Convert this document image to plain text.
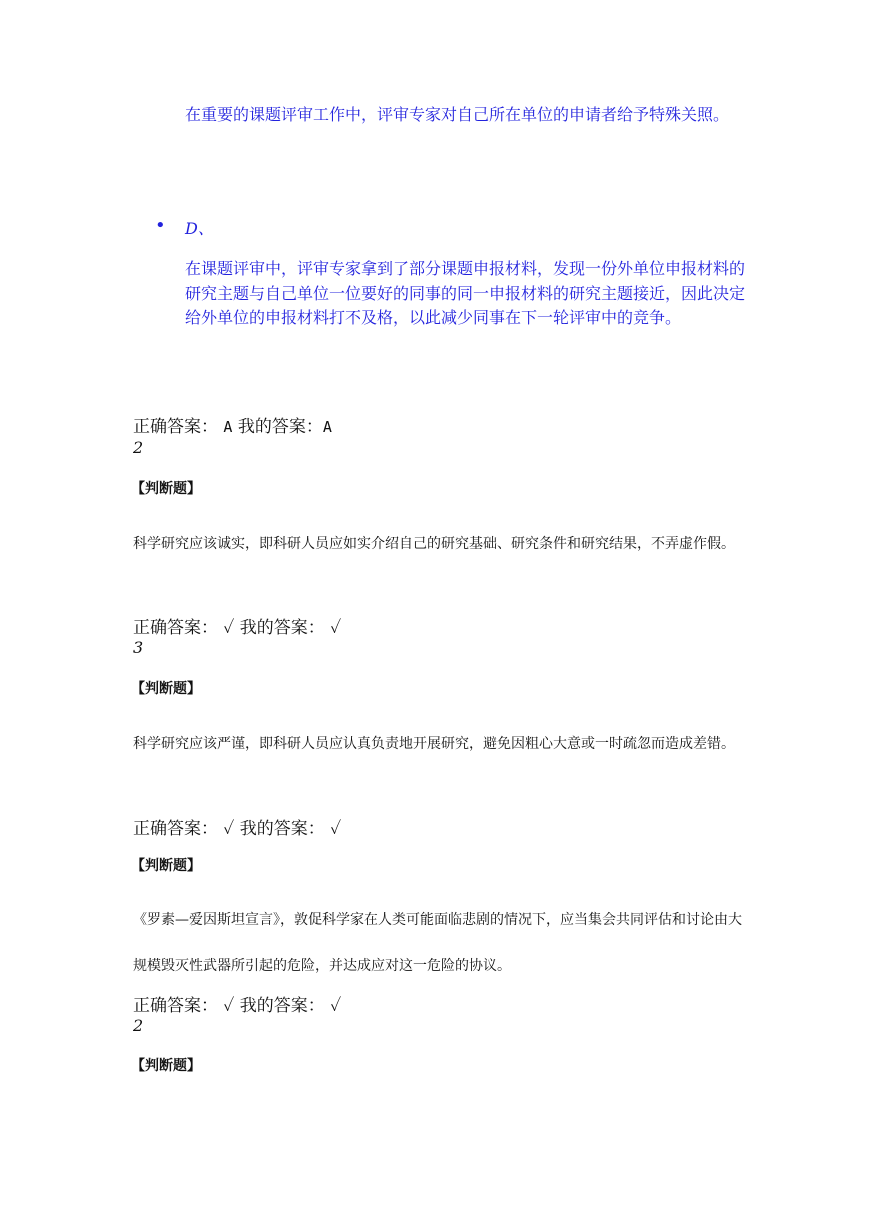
在重要的课题评审工作中，评审专家对自己所在单位的申请者给予特殊关照。
• D、
在课题评审中，评审专家拿到了部分课题申报材料，发现一份外单位申报材料的研究主题与自己单位一位要好的同事的同一申报材料的研究主题接近，因此决定给外单位的申报材料打不及格，以此减少同事在下一轮评审中的竞争。
正确答案： A 我的答案：A
2
【判断题】
科学研究应该诚实，即科研人员应如实介绍自己的研究基础、研究条件和研究结果，不弄虚作假。
正确答案： ✓ 我的答案： ✓
3
【判断题】
科学研究应该严谨，即科研人员应认真负责地开展研究，避免因粗心大意或一时疏忽而造成差错。
正确答案： ✓ 我的答案： ✓
【判断题】
《罗素—爱因斯坦宣言》，敦促科学家在人类可能面临悲剧的情况下，应当集会共同评估和讨论由大规模毁灭性武器所引起的危险，并达成应对这一危险的协议。
正确答案： ✓ 我的答案： ✓
2
【判断题】
